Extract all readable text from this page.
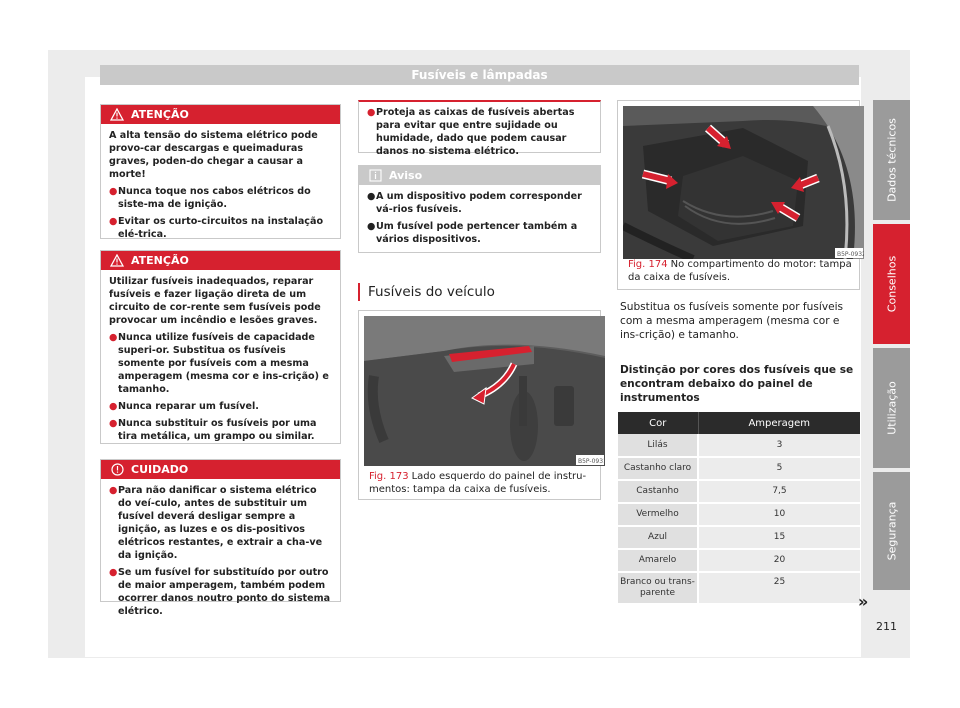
Fusíveis e lâmpadas
ATENÇÃO

A alta tensão do sistema elétrico pode provo-car descargas e queimaduras graves, poden-do chegar a causar a morte!

● Nunca toque nos cabos elétricos do siste-ma de ignição.
● Evitar os curto-circuitos na instalação elé-trica.
ATENÇÃO

Utilizar fusíveis inadequados, reparar fusíveis e fazer ligação direta de um circuito de cor-rente sem fusíveis pode provocar um incêndio e lesões graves.

● Nunca utilize fusíveis de capacidade superi-or. Substitua os fusíveis somente por fusíveis com a mesma amperagem (mesma cor e ins-crição) e tamanho.
● Nunca reparar um fusível.
● Nunca substituir os fusíveis por uma tira metálica, um grampo ou similar.
CUIDADO
● Para não danificar o sistema elétrico do veí-culo, antes de substituir um fusível deverá desligar sempre a ignição, as luzes e os dis-positivos elétricos restantes, e extrair a cha-ve da ignição.
● Se um fusível for substituído por outro de maior amperagem, também podem ocorrer danos noutro ponto do sistema elétrico.
● Proteja as caixas de fusíveis abertas para evitar que entre sujidade ou humidade, dado que podem causar danos no sistema elétrico.
Aviso
● A um dispositivo podem corresponder vá-rios fusíveis.
● Um fusível pode pertencer também a vários dispositivos.
Fusíveis do veículo
B5P-0931
Fig. 173 Lado esquerdo do painel de instru-mentos: tampa da caixa de fusíveis.
B5P-0932
Fig. 174 No compartimento do motor: tampa da caixa de fusíveis.
Substitua os fusíveis somente por fusíveis com a mesma amperagem (mesma cor e ins-crição) e tamanho.
Distinção por cores dos fusíveis que se encontram debaixo do painel de instrumentos
Cor	Amperagem
Lilás	3
Castanho claro	5
Castanho	7,5
Vermelho	10
Azul	15
Amarelo	20
Branco ou trans-parente	25
»
Dados técnicos
Conselhos
Utilização
Segurança
211
